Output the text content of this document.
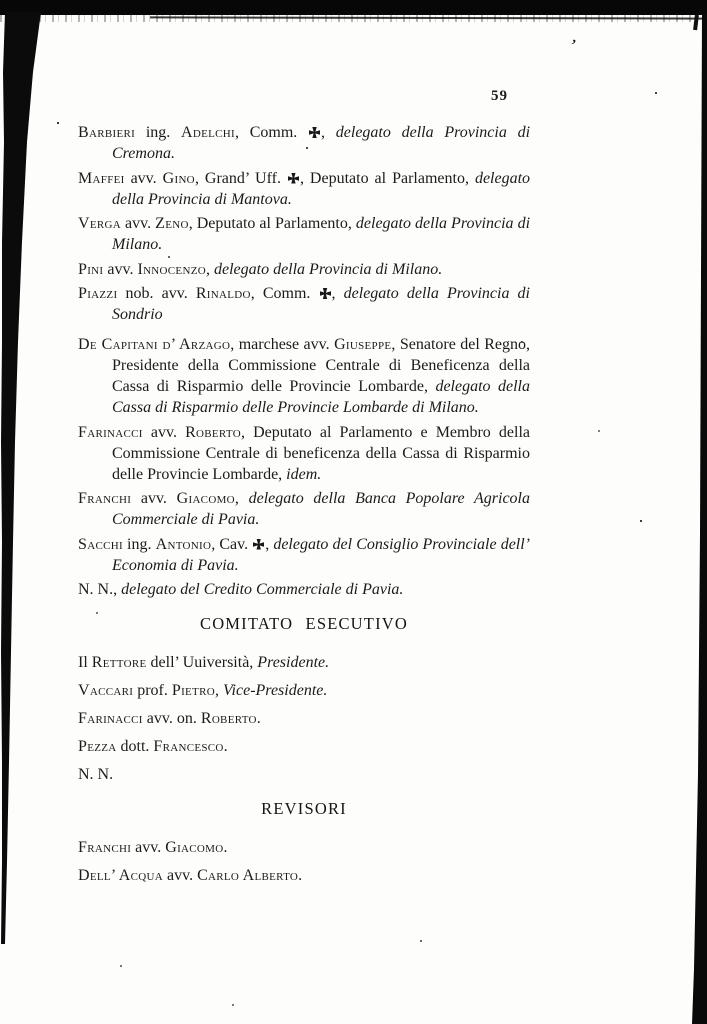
’
59

Barbieri ing. Adelchi, Comm. , delegato della Provincia di Cremona.

Maffei avv. Gino, Grand’ Uff. , Deputato al Parlamento, delegato della Provincia di Mantova.

Verga avv. Zeno, Deputato al Parlamento, delegato della Provincia di Milano.

Pini avv. Innocenzo, delegato della Provincia di Milano.

Piazzi nob. avv. Rinaldo, Comm. , delegato della Provincia di Sondrio

De Capitani d’ Arzago, marchese avv. Giuseppe, Senatore del Regno, Presidente della Commissione Centrale di Beneficenza della Cassa di Risparmio delle Provincie Lombarde, delegato della Cassa di Risparmio delle Provincie Lombarde di Milano.

Farinacci avv. Roberto, Deputato al Parlamento e Membro della Commissione Centrale di beneficenza della Cassa di Risparmio delle Provincie Lombarde, idem.

Franchi avv. Giacomo, delegato della Banca Popolare Agricola Commerciale di Pavia.

Sacchi ing. Antonio, Cav. , delegato del Consiglio Provinciale dell’ Economia di Pavia.

N. N., delegato del Credito Commerciale di Pavia.

COMITATO ESECUTIVO

Il Rettore dell’ Uuiversità, Presidente.

Vaccari prof. Pietro, Vice-Presidente.

Farinacci avv. on. Roberto.

Pezza dott. Francesco.

N. N.

REVISORI

Franchi avv. Giacomo.

Dell’ Acqua avv. Carlo Alberto.
